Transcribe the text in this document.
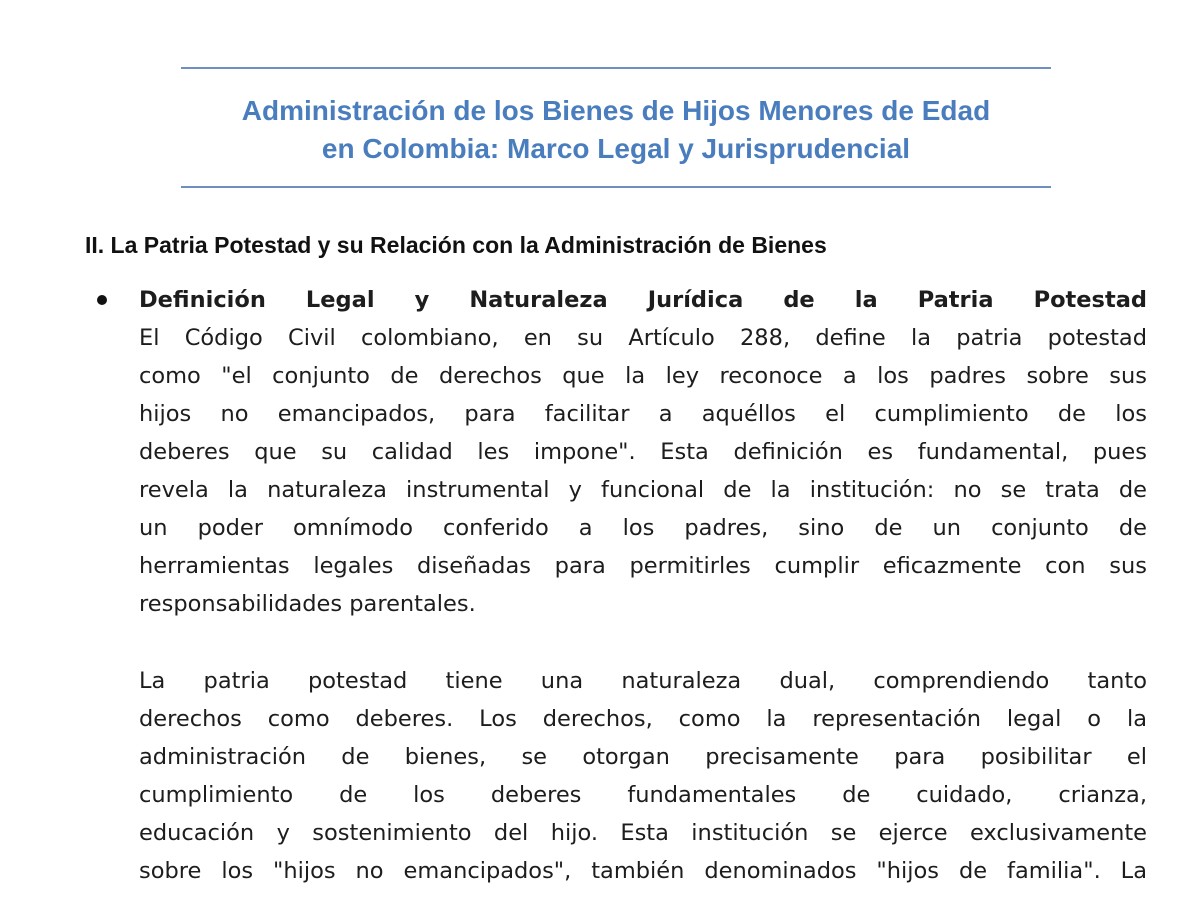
Administración de los Bienes de Hijos Menores de Edad
en Colombia: Marco Legal y Jurisprudencial
II. La Patria Potestad y su Relación con la Administración de Bienes
Definición Legal y Naturaleza Jurídica de la Patria Potestad
El Código Civil colombiano, en su Artículo 288, define la patria potestad
como "el conjunto de derechos que la ley reconoce a los padres sobre sus
hijos no emancipados, para facilitar a aquéllos el cumplimiento de los
deberes que su calidad les impone". Esta definición es fundamental, pues
revela la naturaleza instrumental y funcional de la institución: no se trata de
un poder omnímodo conferido a los padres, sino de un conjunto de
herramientas legales diseñadas para permitirles cumplir eficazmente con sus
responsabilidades parentales.
La patria potestad tiene una naturaleza dual, comprendiendo tanto
derechos como deberes. Los derechos, como la representación legal o la
administración de bienes, se otorgan precisamente para posibilitar el
cumplimiento de los deberes fundamentales de cuidado, crianza,
educación y sostenimiento del hijo. Esta institución se ejerce exclusivamente
sobre los "hijos no emancipados", también denominados "hijos de familia". La
